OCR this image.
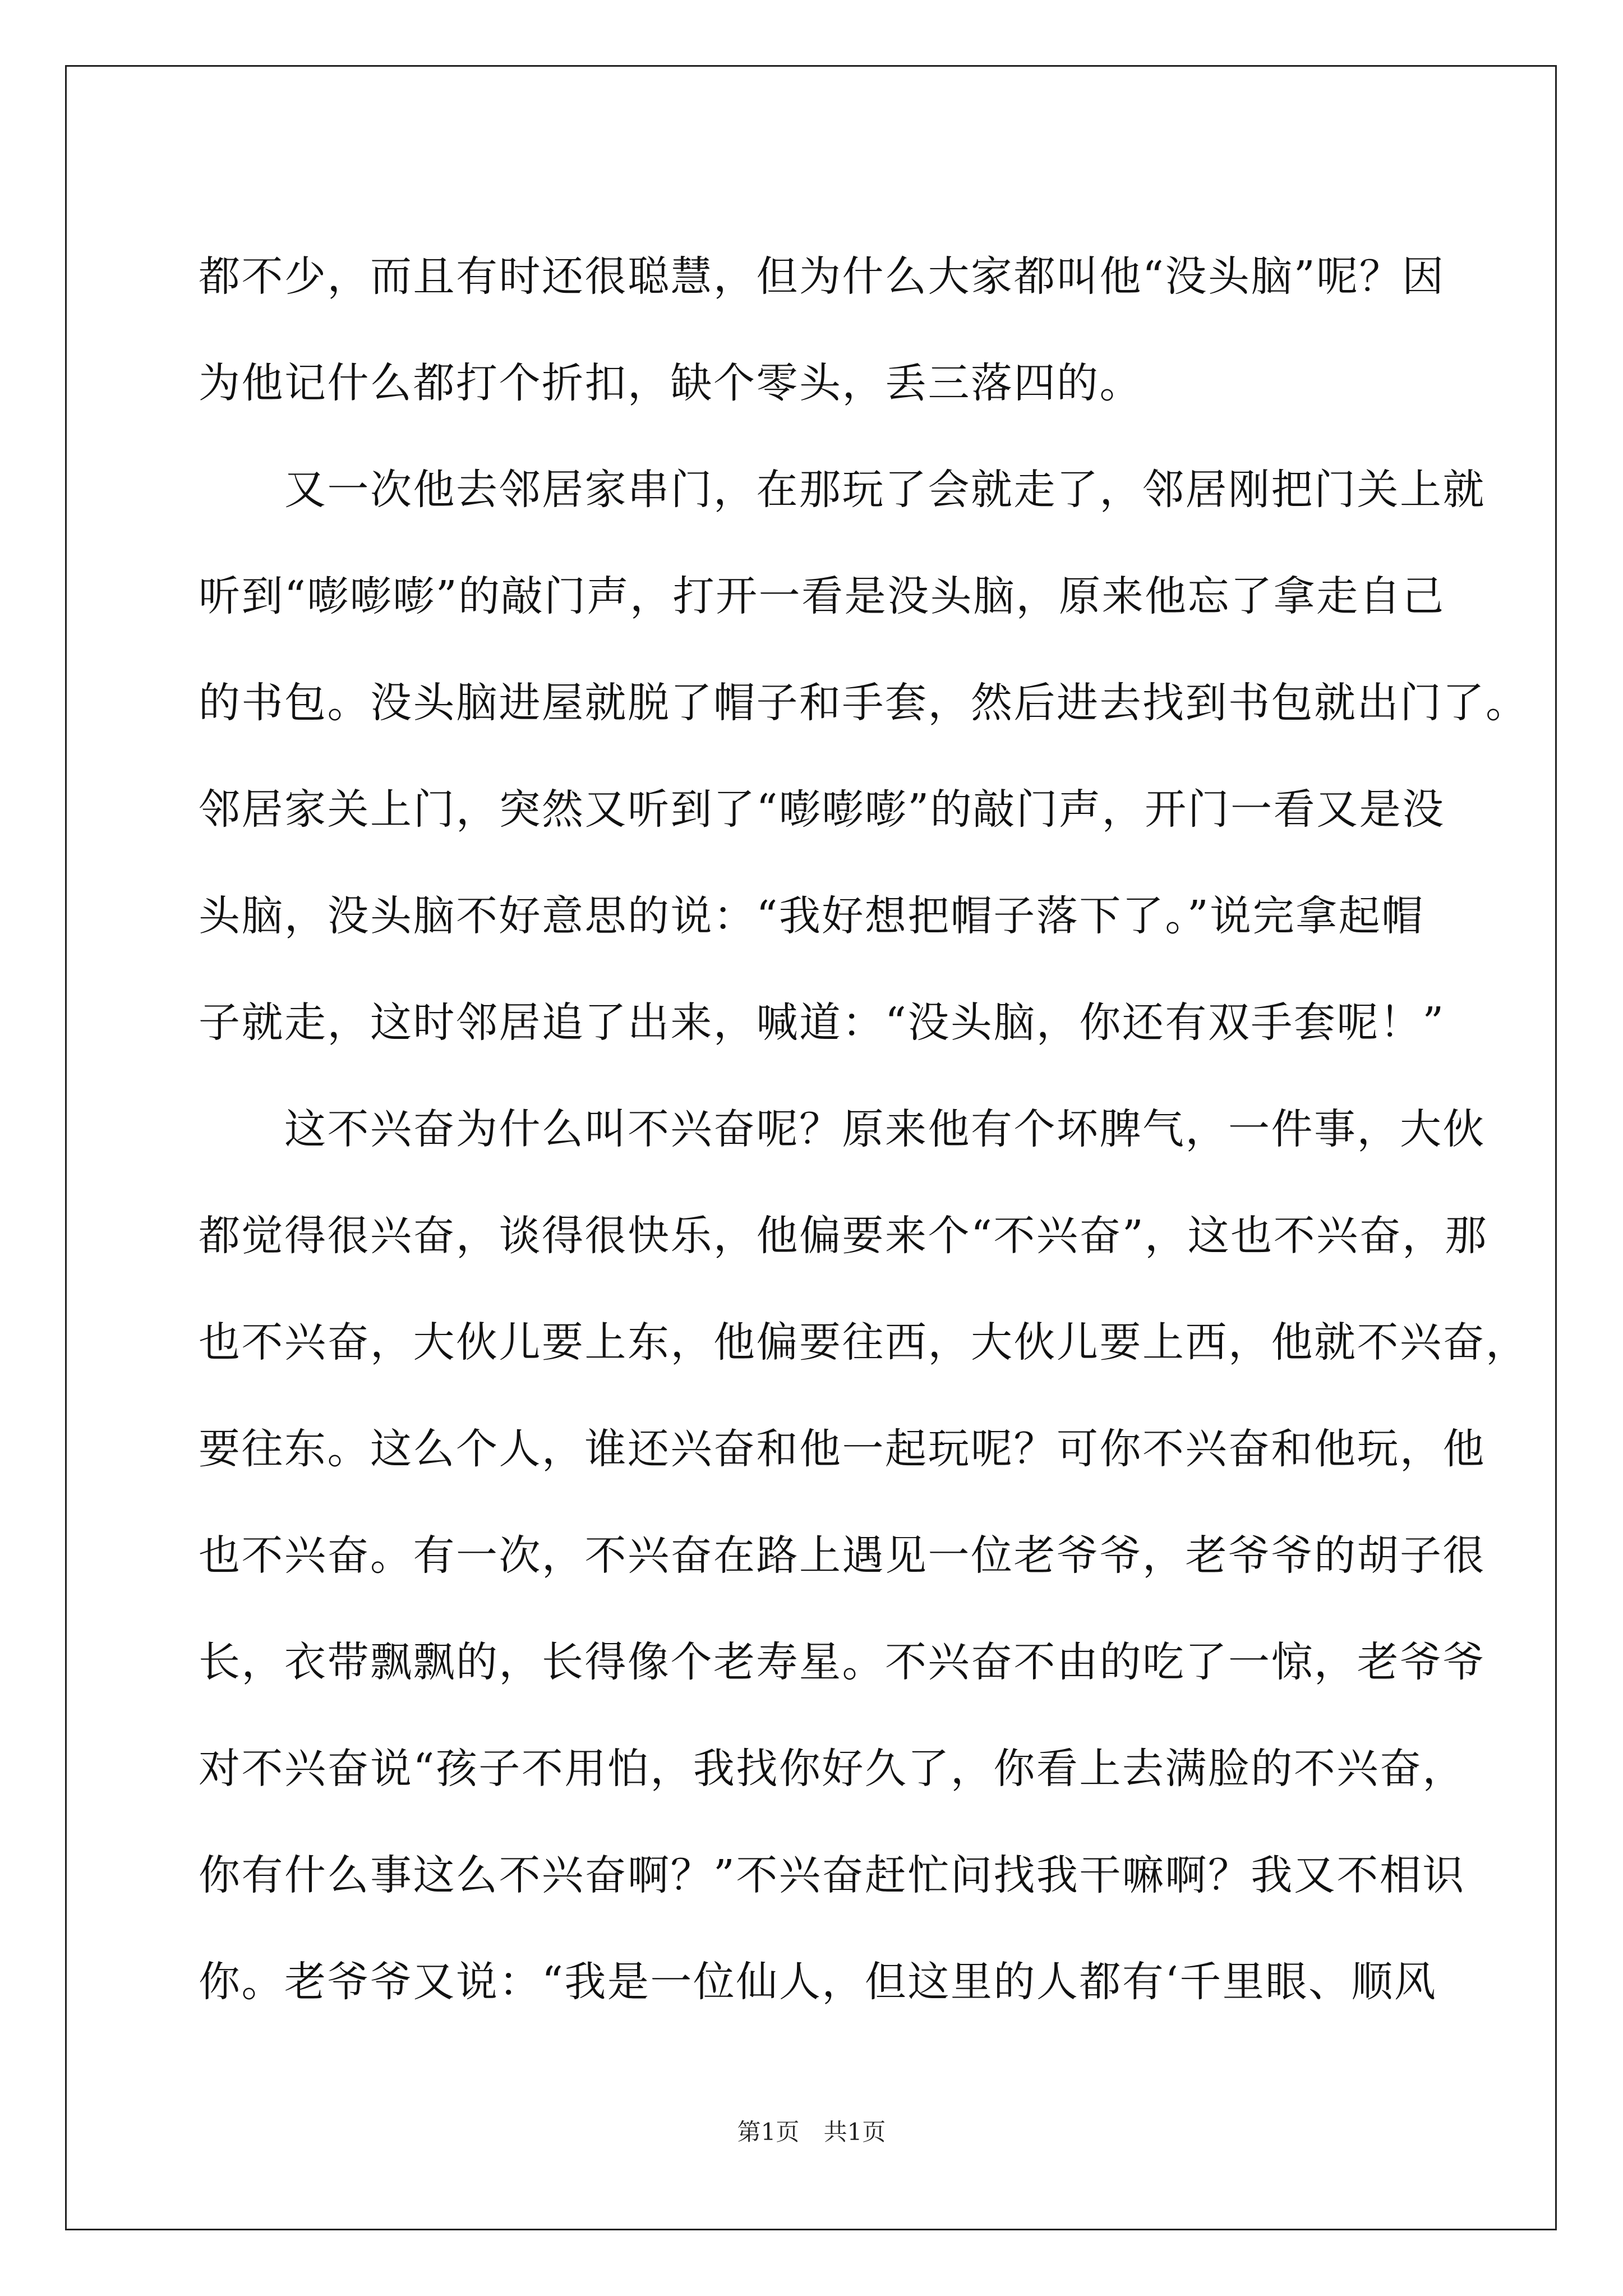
都不少，而且有时还很聪慧，但为什么大家都叫他“没头脑”呢？因
为他记什么都打个折扣，缺个零头，丢三落四的。
　　又一次他去邻居家串门，在那玩了会就走了，邻居刚把门关上就
听到“嘭嘭嘭”的敲门声，打开一看是没头脑，原来他忘了拿走自己
的书包。没头脑进屋就脱了帽子和手套，然后进去找到书包就出门了。
邻居家关上门，突然又听到了“嘭嘭嘭”的敲门声，开门一看又是没
头脑，没头脑不好意思的说：“我好想把帽子落下了。”说完拿起帽
子就走，这时邻居追了出来，喊道：“没头脑，你还有双手套呢！”
　　这不兴奋为什么叫不兴奋呢？原来他有个坏脾气，一件事，大伙
都觉得很兴奋，谈得很快乐，他偏要来个“不兴奋”，这也不兴奋，那
也不兴奋，大伙儿要上东，他偏要往西，大伙儿要上西，他就不兴奋，
要往东。这么个人，谁还兴奋和他一起玩呢？可你不兴奋和他玩，他
也不兴奋。有一次，不兴奋在路上遇见一位老爷爷，老爷爷的胡子很
长，衣带飘飘的，长得像个老寿星。不兴奋不由的吃了一惊，老爷爷
对不兴奋说“孩子不用怕，我找你好久了，你看上去满脸的不兴奋，
你有什么事这么不兴奋啊？”不兴奋赶忙问找我干嘛啊？我又不相识
你。老爷爷又说：“我是一位仙人，但这里的人都有‘千里眼、顺风
第1页 共1页
